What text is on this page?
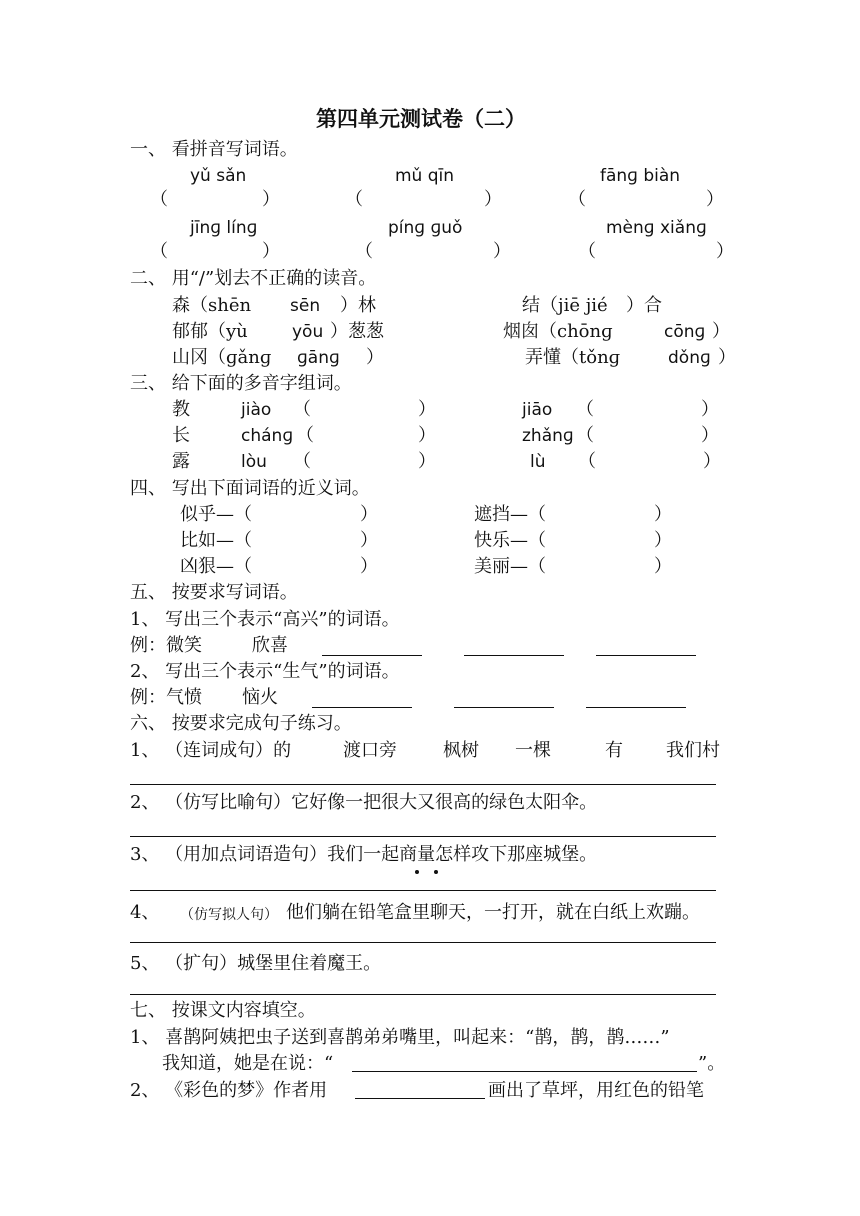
第四单元测试卷（二）
一、 看拼音写词语。
yǔ sǎn	mǔ qīn	fānɡ biàn
（	）	（	）	（	）
jīnɡ línɡ	pínɡ ɡuǒ	mènɡ xiǎnɡ
（	）	（	）	（	）
二、 用“/”划去不正确的读音。
森（shēn sēn ）林	结（jiē jié ）合
郁郁（yù	yōu ）葱葱	烟囱（chōnɡ	cōnɡ ）
山冈（ɡǎnɡ ɡānɡ ）	弄懂（tǒnɡ	dǒnɡ ）
三、 给下面的多音字组词。
教	jiào （	）	jiāo （	）
长	chánɡ （	）	zhǎnɡ （	）
露	lòu （	）	lù （	）
四、 写出下面词语的近义词。
似乎—（	）	遮挡—（	）
比如—（	）	快乐—（	）
凶狠—（	）	美丽—（	）
五、 按要求写词语。
1、 写出三个表示“高兴”的词语。
例：微笑	欣喜
2、 写出三个表示“生气”的词语。
例：气愤 恼火
六、 按要求完成句子练习。
1、 （连词成句）的	渡口旁	枫树 一棵	有 我们村
2、 （仿写比喻句）它好像一把很大又很高的绿色太阳伞。
3、 （用加点词语造句）我们一起商量怎样攻下那座城堡。
4、 （仿写拟人句） 他们躺在铅笔盒里聊天，一打开，就在白纸上欢蹦。
5、 （扩句）城堡里住着魔王。
七、 按课文内容填空。
1、 喜鹊阿姨把虫子送到喜鹊弟弟嘴里，叫起来：“鹊，鹊，鹊……”
我知道，她是在说：“	”。
2、 《彩色的梦》作者用	画出了草坪，用红色的铅笔
